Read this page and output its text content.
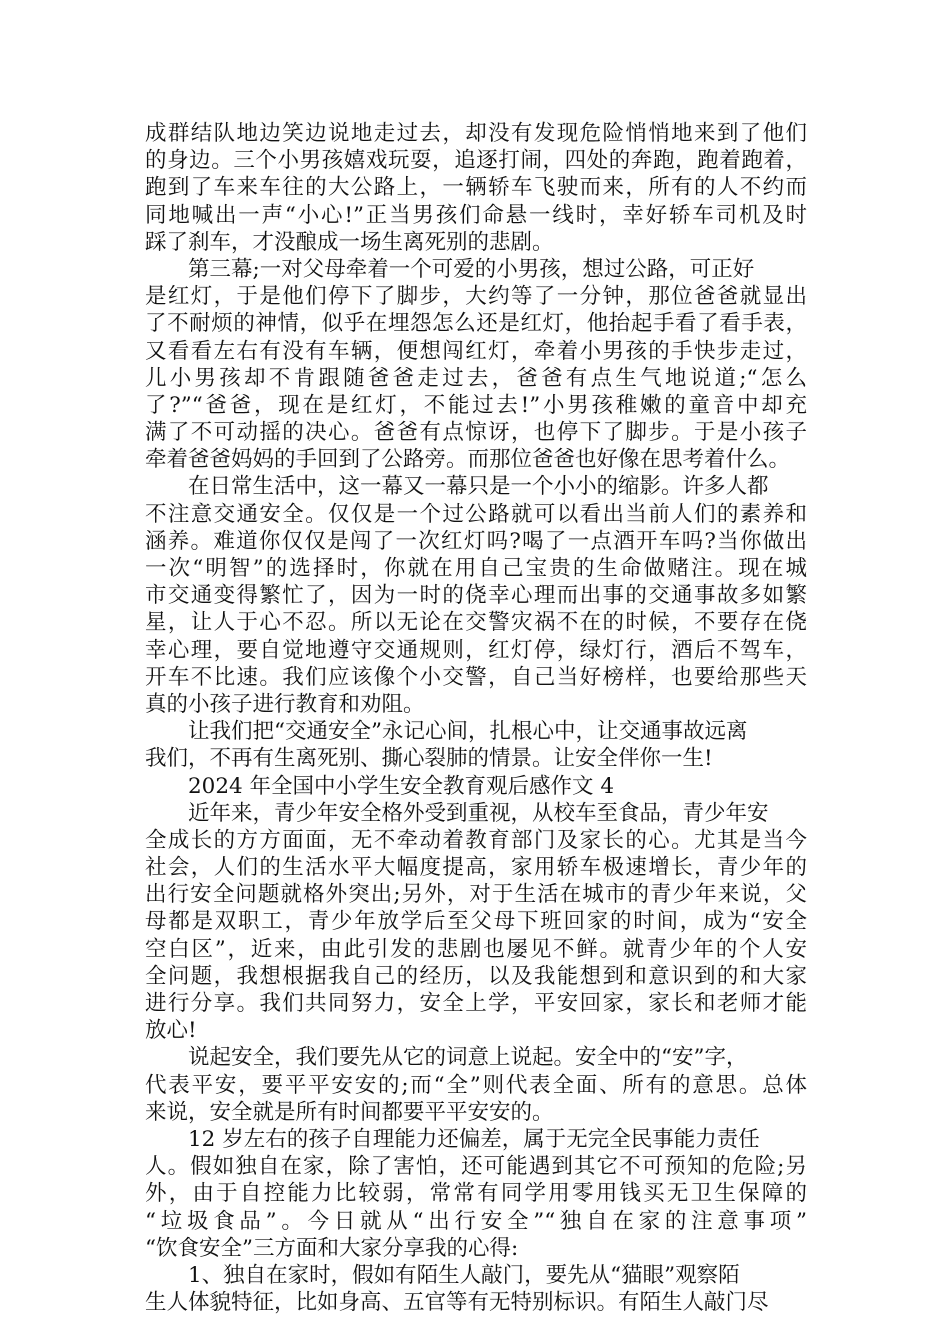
成群结队地边笑边说地走过去，却没有发现危险悄悄地来到了他们
的身边。三个小男孩嬉戏玩耍，追逐打闹，四处的奔跑，跑着跑着，
跑到了车来车往的大公路上，一辆轿车飞驶而来，所有的人不约而
同地喊出一声“小心!”正当男孩们命悬一线时，幸好轿车司机及时
踩了刹车，才没酿成一场生离死别的悲剧。
　　第三幕;一对父母牵着一个可爱的小男孩，想过公路，可正好
是红灯，于是他们停下了脚步，大约等了一分钟，那位爸爸就显出
了不耐烦的神情，似乎在埋怨怎么还是红灯，他抬起手看了看手表，
又看看左右有没有车辆，便想闯红灯，牵着小男孩的手快步走过，
儿小男孩却不肯跟随爸爸走过去，爸爸有点生气地说道;“怎么
了?”“爸爸，现在是红灯，不能过去!”小男孩稚嫩的童音中却充
满了不可动摇的决心。爸爸有点惊讶，也停下了脚步。于是小孩子
牵着爸爸妈妈的手回到了公路旁。而那位爸爸也好像在思考着什么。
　　在日常生活中，这一幕又一幕只是一个小小的缩影。许多人都
不注意交通安全。仅仅是一个过公路就可以看出当前人们的素养和
涵养。难道你仅仅是闯了一次红灯吗?喝了一点酒开车吗?当你做出
一次“明智”的选择时，你就在用自己宝贵的生命做赌注。现在城
市交通变得繁忙了，因为一时的侥幸心理而出事的交通事故多如繁
星，让人于心不忍。所以无论在交警灾祸不在的时候，不要存在侥
幸心理，要自觉地遵守交通规则，红灯停，绿灯行，酒后不驾车，
开车不比速。我们应该像个小交警，自己当好榜样，也要给那些天
真的小孩子进行教育和劝阻。
　　让我们把“交通安全”永记心间，扎根心中，让交通事故远离
我们，不再有生离死别、撕心裂肺的情景。让安全伴你一生!
　　2024 年全国中小学生安全教育观后感作文 4
　　近年来，青少年安全格外受到重视，从校车至食品，青少年安
全成长的方方面面，无不牵动着教育部门及家长的心。尤其是当今
社会，人们的生活水平大幅度提高，家用轿车极速增长，青少年的
出行安全问题就格外突出;另外，对于生活在城市的青少年来说，父
母都是双职工，青少年放学后至父母下班回家的时间，成为“安全
空白区”，近来，由此引发的悲剧也屡见不鲜。就青少年的个人安
全问题，我想根据我自己的经历，以及我能想到和意识到的和大家
进行分享。我们共同努力，安全上学，平安回家，家长和老师才能
放心!
　　说起安全，我们要先从它的词意上说起。安全中的“安”字，
代表平安，要平平安安的;而“全”则代表全面、所有的意思。总体
来说，安全就是所有时间都要平平安安的。
　　12 岁左右的孩子自理能力还偏差，属于无完全民事能力责任
人。假如独自在家，除了害怕，还可能遇到其它不可预知的危险;另
外，由于自控能力比较弱，常常有同学用零用钱买无卫生保障的
“垃圾食品”。今日就从“出行安全”“独自在家的注意事项”
“饮食安全”三方面和大家分享我的心得:
　　1、独自在家时，假如有陌生人敲门，要先从“猫眼”观察陌
生人体貌特征，比如身高、五官等有无特别标识。有陌生人敲门尽
